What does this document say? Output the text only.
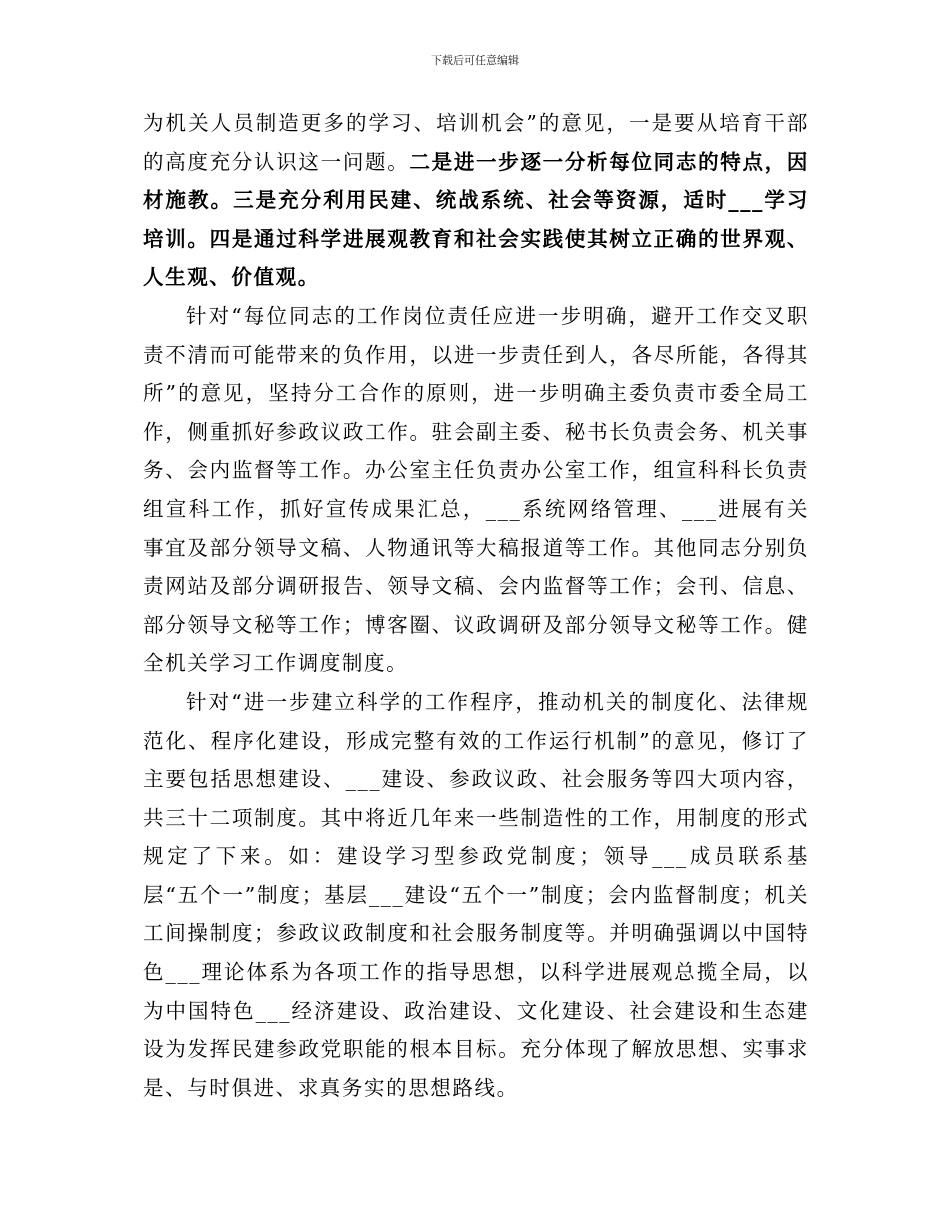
下载后可任意编辑

为机关人员制造更多的学习、培训机会”的意见，一是要从培育干部的高度充分认识这一问题。二是进一步逐一分析每位同志的特点，因材施教。三是充分利用民建、统战系统、社会等资源，适时___学习培训。四是通过科学进展观教育和社会实践使其树立正确的世界观、人生观、价值观。

针对“每位同志的工作岗位责任应进一步明确，避开工作交叉职责不清而可能带来的负作用，以进一步责任到人，各尽所能，各得其所”的意见，坚持分工合作的原则，进一步明确主委负责市委全局工作，侧重抓好参政议政工作。驻会副主委、秘书长负责会务、机关事务、会内监督等工作。办公室主任负责办公室工作，组宣科科长负责组宣科工作，抓好宣传成果汇总，___系统网络管理、___进展有关事宜及部分领导文稿、人物通讯等大稿报道等工作。其他同志分别负责网站及部分调研报告、领导文稿、会内监督等工作；会刊、信息、部分领导文秘等工作；博客圈、议政调研及部分领导文秘等工作。健全机关学习工作调度制度。

针对“进一步建立科学的工作程序，推动机关的制度化、法律规范化、程序化建设，形成完整有效的工作运行机制”的意见，修订了主要包括思想建设、___建设、参政议政、社会服务等四大项内容，共三十二项制度。其中将近几年来一些制造性的工作，用制度的形式规定了下来。如：建设学习型参政党制度；领导___成员联系基层“五个一”制度；基层___建设“五个一”制度；会内监督制度；机关工间操制度；参政议政制度和社会服务制度等。并明确强调以中国特色___理论体系为各项工作的指导思想，以科学进展观总揽全局，以为中国特色___经济建设、政治建设、文化建设、社会建设和生态建设为发挥民建参政党职能的根本目标。充分体现了解放思想、实事求是、与时俱进、求真务实的思想路线。
